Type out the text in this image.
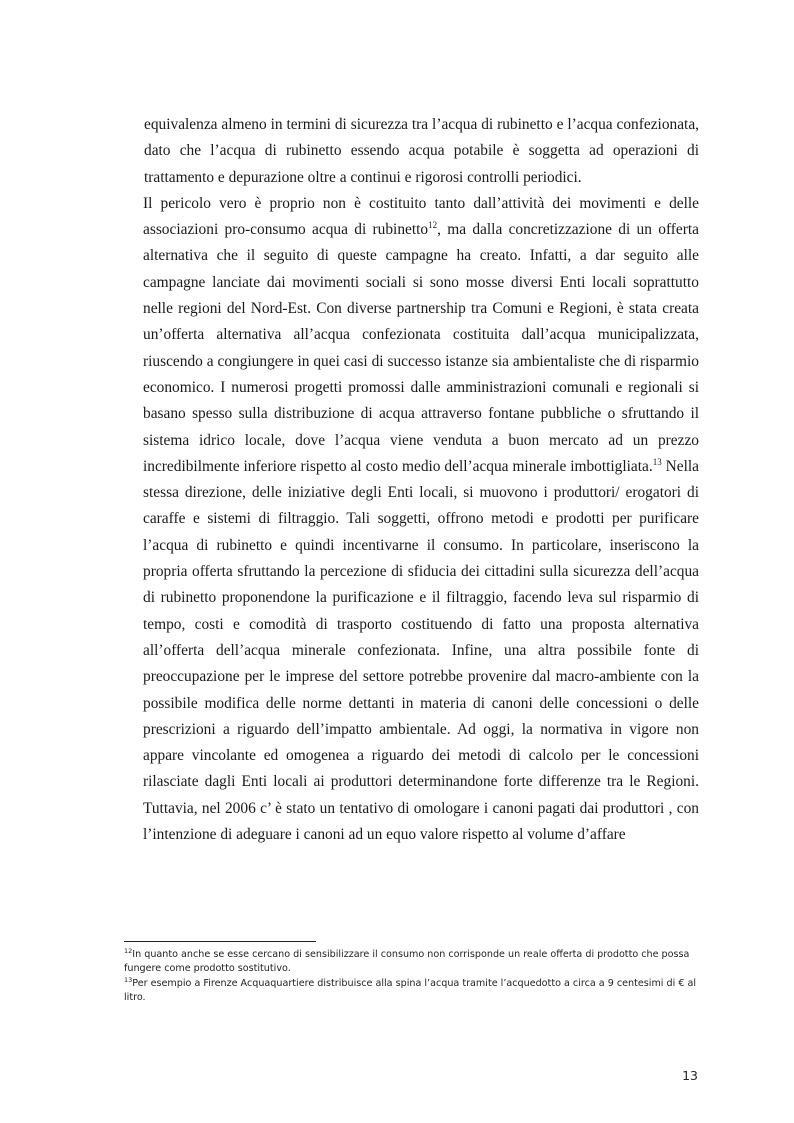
equivalenza almeno in termini di sicurezza tra l’acqua di rubinetto e l’acqua confezionata, dato che l’acqua di rubinetto essendo acqua potabile è soggetta ad operazioni di trattamento e depurazione oltre a continui e rigorosi controlli periodici.

Il pericolo vero è proprio non è costituito tanto dall’attività dei movimenti e delle associazioni pro-consumo acqua di rubinetto$^{12}$, ma dalla concretizzazione di un offerta alternativa che il seguito di queste campagne ha creato. Infatti, a dar seguito alle campagne lanciate dai movimenti sociali si sono mosse diversi Enti locali soprattutto nelle regioni del Nord-Est. Con diverse partnership tra Comuni e Regioni, è stata creata un’offerta alternativa all’acqua confezionata costituita dall’acqua municipalizzata, riuscendo a congiungere in quei casi di successo istanze sia ambientaliste che di risparmio economico. I numerosi progetti promossi dalle amministrazioni comunali e regionali si basano spesso sulla distribuzione di acqua attraverso fontane pubbliche o sfruttando il sistema idrico locale, dove l’acqua viene venduta a buon mercato ad un prezzo incredibilmente inferiore rispetto al costo medio dell’acqua minerale imbottigliata.$^{13}$ Nella stessa direzione, delle iniziative degli Enti locali, si muovono i produttori/ erogatori di caraffe e sistemi di filtraggio. Tali soggetti, offrono metodi e prodotti per purificare l’acqua di rubinetto e quindi incentivarne il consumo. In particolare, inseriscono la propria offerta sfruttando la percezione di sfiducia dei cittadini sulla sicurezza dell’acqua di rubinetto proponendone la purificazione e il filtraggio, facendo leva sul risparmio di tempo, costi e comodità di trasporto costituendo di fatto una proposta alternativa all’offerta dell’acqua minerale confezionata. Infine, una altra possibile fonte di preoccupazione per le imprese del settore potrebbe provenire dal macro-ambiente con la possibile modifica delle norme dettanti in materia di canoni delle concessioni o delle prescrizioni a riguardo dell’impatto ambientale. Ad oggi, la normativa in vigore non appare vincolante ed omogenea a riguardo dei metodi di calcolo per le concessioni rilasciate dagli Enti locali ai produttori determinandone forte differenze tra le Regioni. Tuttavia, nel 2006 c’ è stato un tentativo di omologare i canoni pagati dai produttori , con l’intenzione di adeguare i canoni ad un equo valore rispetto al volume d’affare

$^{12}$In quanto anche se esse cercano di sensibilizzare il consumo non corrisponde un reale offerta di prodotto che possa fungere come prodotto sostitutivo.

$^{13}$Per esempio a Firenze Acquaquartiere distribuisce alla spina l’acqua tramite l’acquedotto a circa a 9 centesimi di € al litro.

13
